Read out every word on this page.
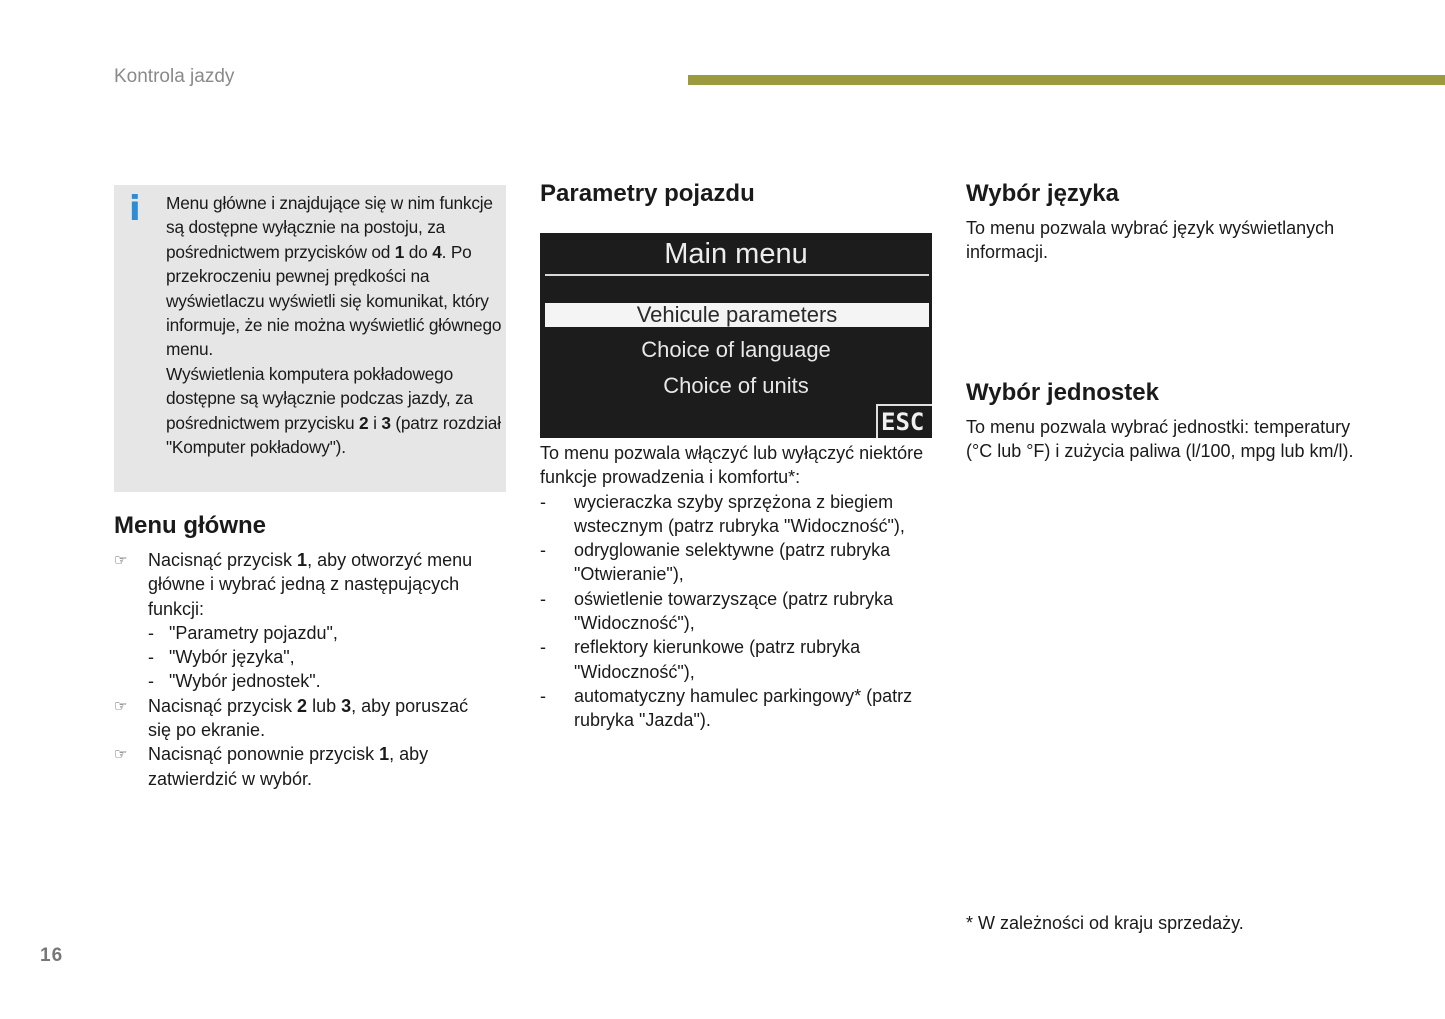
Kontrola jazdy
i Menu główne i znajdujące się w nim funkcje są dostępne wyłącznie na postoju, za pośrednictwem przycisków od 1 do 4. Po przekroczeniu pewnej prędkości na wyświetlaczu wyświetli się komunikat, który informuje, że nie można wyświetlić głównego menu.

Wyświetlenia komputera pokładowego dostępne są wyłącznie podczas jazdy, za pośrednictwem przycisku 2 i 3 (patrz rozdział "Komputer pokładowy").

Menu główne
☞ Nacisnąć przycisk 1, aby otworzyć menu główne i wybrać jedną z następujących funkcji:

- "Parametry pojazdu",
- "Wybór języka",
- "Wybór jednostek".
☞ Nacisnąć przycisk 2 lub 3, aby poruszać się po ekranie.

☞ Nacisnąć ponownie przycisk 1, aby zatwierdzić w wybór.

Parametry pojazdu
Main menu
Vehicule parameters
Choice of language
Choice of units
ESC

To menu pozwala włączyć lub wyłączyć niektóre funkcje prowadzenia i komfortu*:

- wycieraczka szyby sprzężona z biegiem wstecznym (patrz rubryka "Widoczność"),
- odryglowanie selektywne (patrz rubryka "Otwieranie"),
- oświetlenie towarzyszące (patrz rubryka "Widoczność"),
- reflektory kierunkowe (patrz rubryka "Widoczność"),
- automatyczny hamulec parkingowy* (patrz rubryka "Jazda").
Wybór języka
To menu pozwala wybrać język wyświetlanych informacji.
Wybór jednostek
To menu pozwala wybrać jednostki: temperatury (°C lub °F) i zużycia paliwa (l/100, mpg lub km/l).
* W zależności od kraju sprzedaży.
16
